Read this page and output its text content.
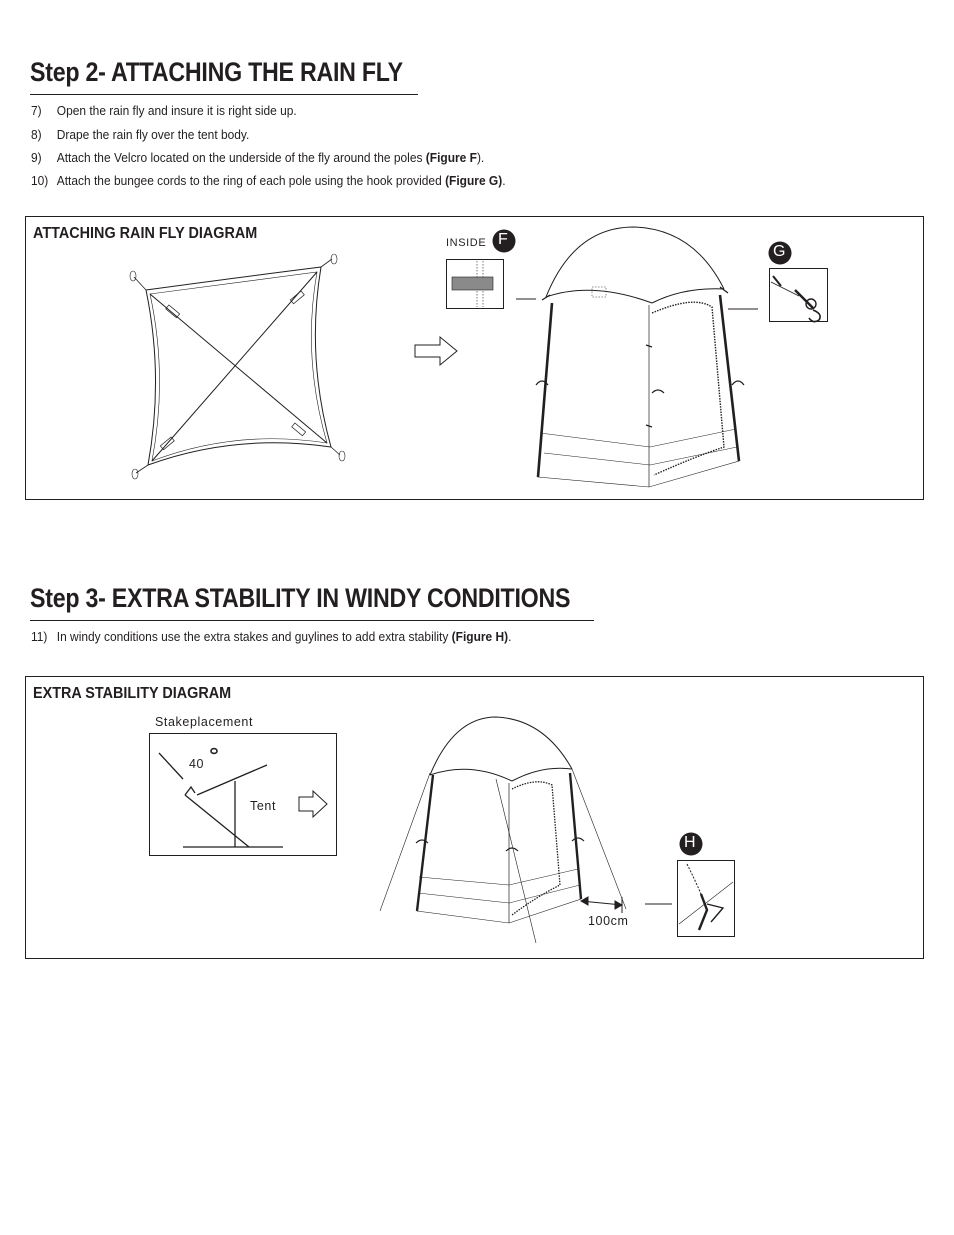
Step 2- ATTACHING THE RAIN FLY
7) Open the rain fly and insure it is right side up.
8) Drape the rain fly over the tent body.
9) Attach the Velcro located on the underside of the fly around the poles (Figure F).
10) Attach the bungee cords to the ring of each pole using the hook provided (Figure G).
ATTACHING RAIN FLY DIAGRAM
INSIDE F
G
Step 3- EXTRA STABILITY IN WINDY CONDITIONS
11) In windy conditions use the extra stakes and guylines to add extra stability (Figure H).
EXTRA STABILITY DIAGRAM
Stakeplacement
40
Tent
100cm
H
